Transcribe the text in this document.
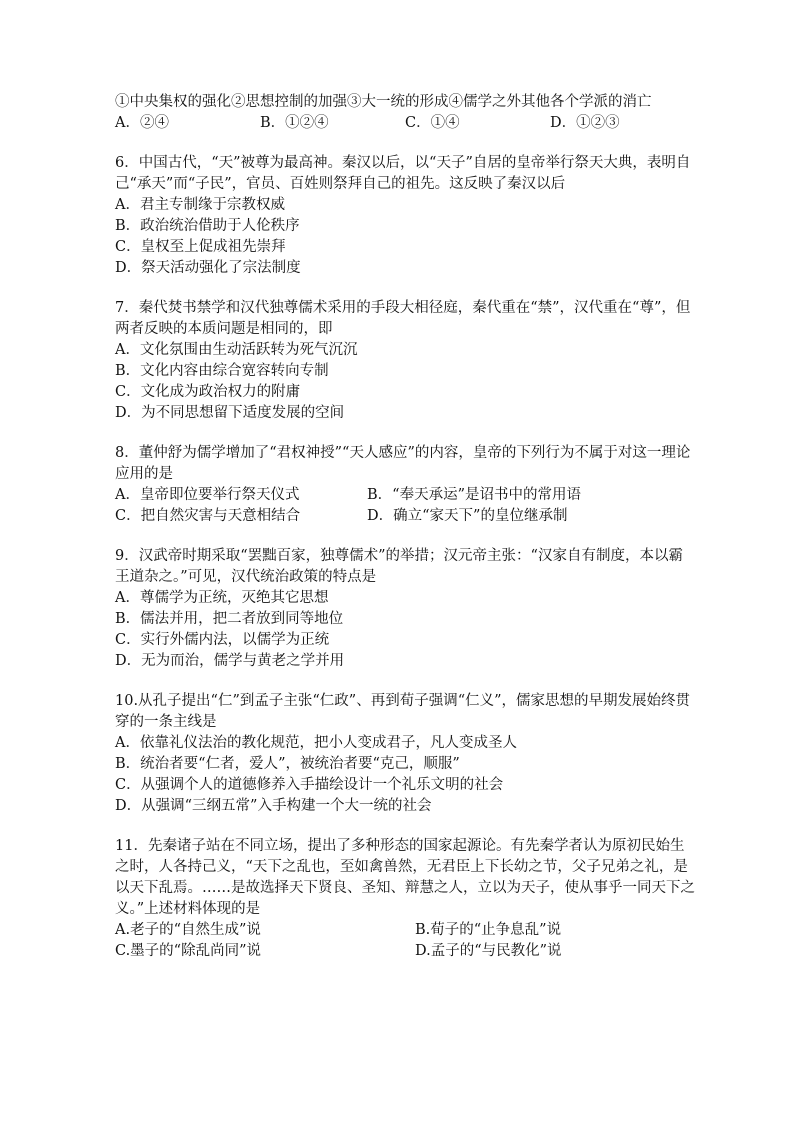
①中央集权的强化②思想控制的加强③大一统的形成④儒学之外其他各个学派的消亡

A．②④	B．①②④	C．①④	D．①②③

6．中国古代，“天”被尊为最高神。秦汉以后，以“天子”自居的皇帝举行祭天大典，表明自己“承天”而“子民”，官员、百姓则祭拜自己的祖先。这反映了秦汉以后

A．君主专制缘于宗教权威
B．政治统治借助于人伦秩序
C．皇权至上促成祖先崇拜
D．祭天活动强化了宗法制度

7．秦代焚书禁学和汉代独尊儒术采用的手段大相径庭，秦代重在“禁”，汉代重在“尊”，但两者反映的本质问题是相同的，即

A．文化氛围由生动活跃转为死气沉沉
B．文化内容由综合宽容转向专制
C．文化成为政治权力的附庸
D．为不同思想留下适度发展的空间

8．董仲舒为儒学增加了“君权神授”“天人感应”的内容，皇帝的下列行为不属于对这一理论应用的是

A．皇帝即位要举行祭天仪式	B．“奉天承运”是诏书中的常用语
C．把自然灾害与天意相结合	D．确立“家天下”的皇位继承制

9．汉武帝时期采取“罢黜百家，独尊儒术”的举措；汉元帝主张：“汉家自有制度，本以霸王道杂之。”可见，汉代统治政策的特点是

A．尊儒学为正统，灭绝其它思想
B．儒法并用，把二者放到同等地位
C．实行外儒内法，以儒学为正统
D．无为而治，儒学与黄老之学并用

10.从孔子提出“仁”到孟子主张“仁政”、再到荀子强调“仁义”，儒家思想的早期发展始终贯穿的一条主线是

A．依靠礼仪法治的教化规范，把小人变成君子，凡人变成圣人
B．统治者要“仁者，爱人”，被统治者要“克己，顺服”
C．从强调个人的道德修养入手描绘设计一个礼乐文明的社会
D．从强调“三纲五常”入手构建一个大一统的社会

11．先秦诸子站在不同立场，提出了多种形态的国家起源论。有先秦学者认为原初民始生之时，人各持己义，“天下之乱也，至如禽兽然，无君臣上下长幼之节，父子兄弟之礼，是以天下乱焉。……是故选择天下贤良、圣知、辩慧之人，立以为天子，使从事乎一同天下之义。”上述材料体现的是

A.老子的“自然生成”说	B.荀子的“止争息乱”说
C.墨子的“除乱尚同”说	D.孟子的“与民教化”说
